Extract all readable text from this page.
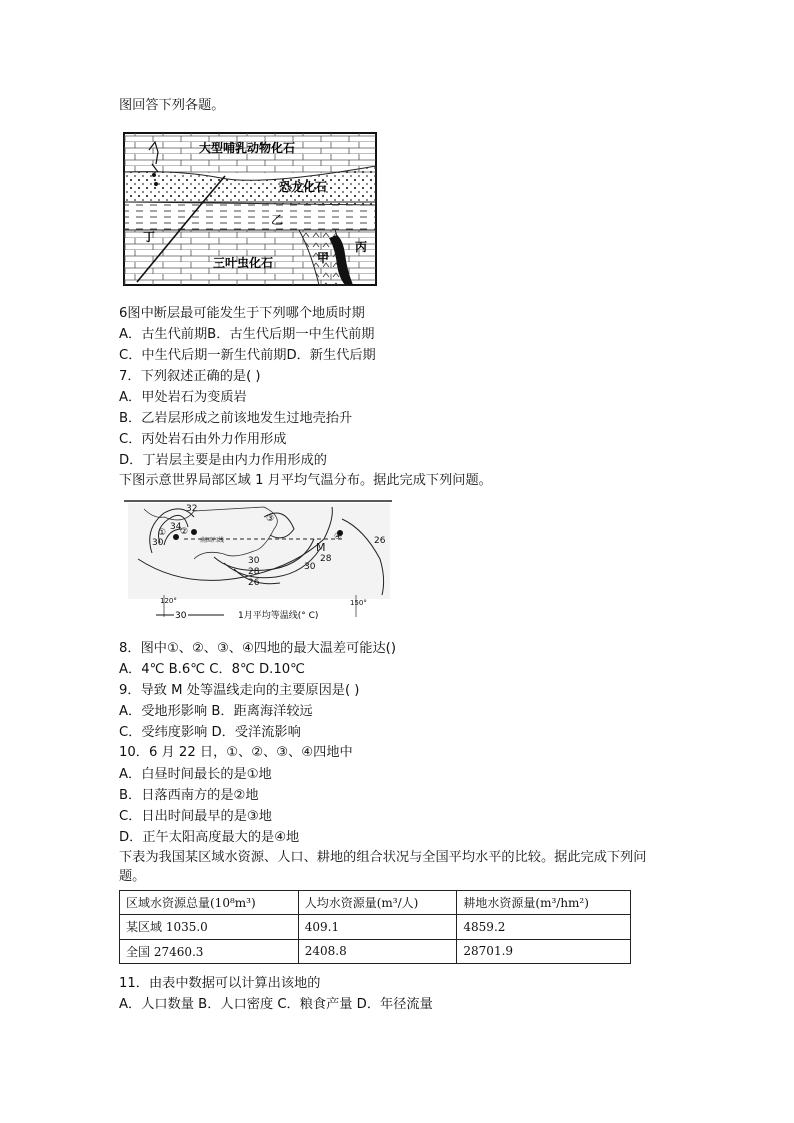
图回答下列各题。
大型哺乳动物化石
恐龙化石
三叶虫化石
乙
甲
丙
丁
6图中断层最可能发生于下列哪个地质时期
A．古生代前期B．古生代后期一中生代前期
C．中生代后期一新生代前期D．新生代后期
7．下列叙述正确的是( )
A．甲处岩石为变质岩
B．乙岩层形成之前该地发生过地壳抬升
C．丙处岩石由外力作用形成
D．丁岩层主要是由内力作用形成的
下图示意世界局部区域 1 月平均气温分布。据此完成下列问题。
32
34
30
30
28
26
30
28
26
① ②
③
④
M
120°	150°
南回归线
30	1月平均等温线(° C)
8．图中①、②、③、④四地的最大温差可能达()
A．4℃ B.6℃ C．8℃ D.10℃
9．导致 M 处等温线走向的主要原因是( )
A．受地形影响 B．距离海洋较远
C．受纬度影响 D．受洋流影响
10．6 月 22 日，①、②、③、④四地中
A．白昼时间最长的是①地
B．日落西南方的是②地
C．日出时间最早的是③地
D．正午太阳高度最大的是④地
下表为我国某区域水资源、人口、耕地的组合状况与全国平均水平的比较。据此完成下列问
题。
区域水资源总量(10⁸m³)	人均水资源量(m³/人)	耕地水资源量(m³/hm²)
某区域 1035.0	409.1	4859.2
全国 27460.3	2408.8	28701.9
11．由表中数据可以计算出该地的
A．人口数量 B．人口密度 C．粮食产量 D．年径流量
